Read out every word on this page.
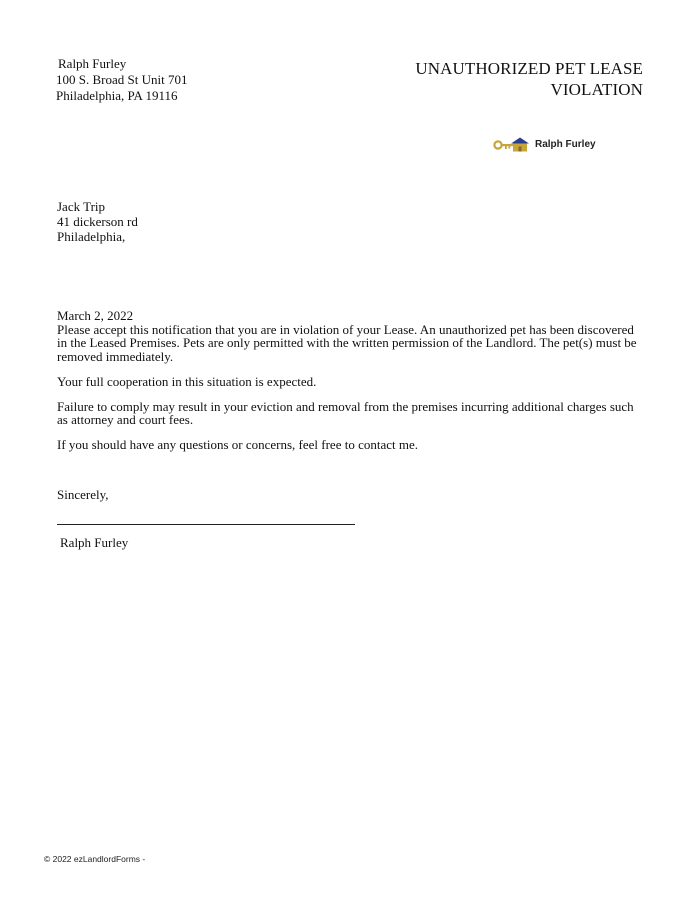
Ralph Furley
100 S. Broad St Unit 701
Philadelphia, PA 19116
UNAUTHORIZED PET LEASE
VIOLATION
Ralph Furley
Jack Trip
41 dickerson rd
Philadelphia,
March 2, 2022

Please accept this notification that you are in violation of your Lease. An unauthorized pet has been discovered in the Leased Premises. Pets are only permitted with the written permission of the Landlord. The pet(s) must be removed immediately.

Your full cooperation in this situation is expected.

Failure to comply may result in your eviction and removal from the premises incurring additional charges such as attorney and court fees.

If you should have any questions or concerns, feel free to contact me.

Sincerely,
Ralph Furley
© 2022 ezLandlordForms -
